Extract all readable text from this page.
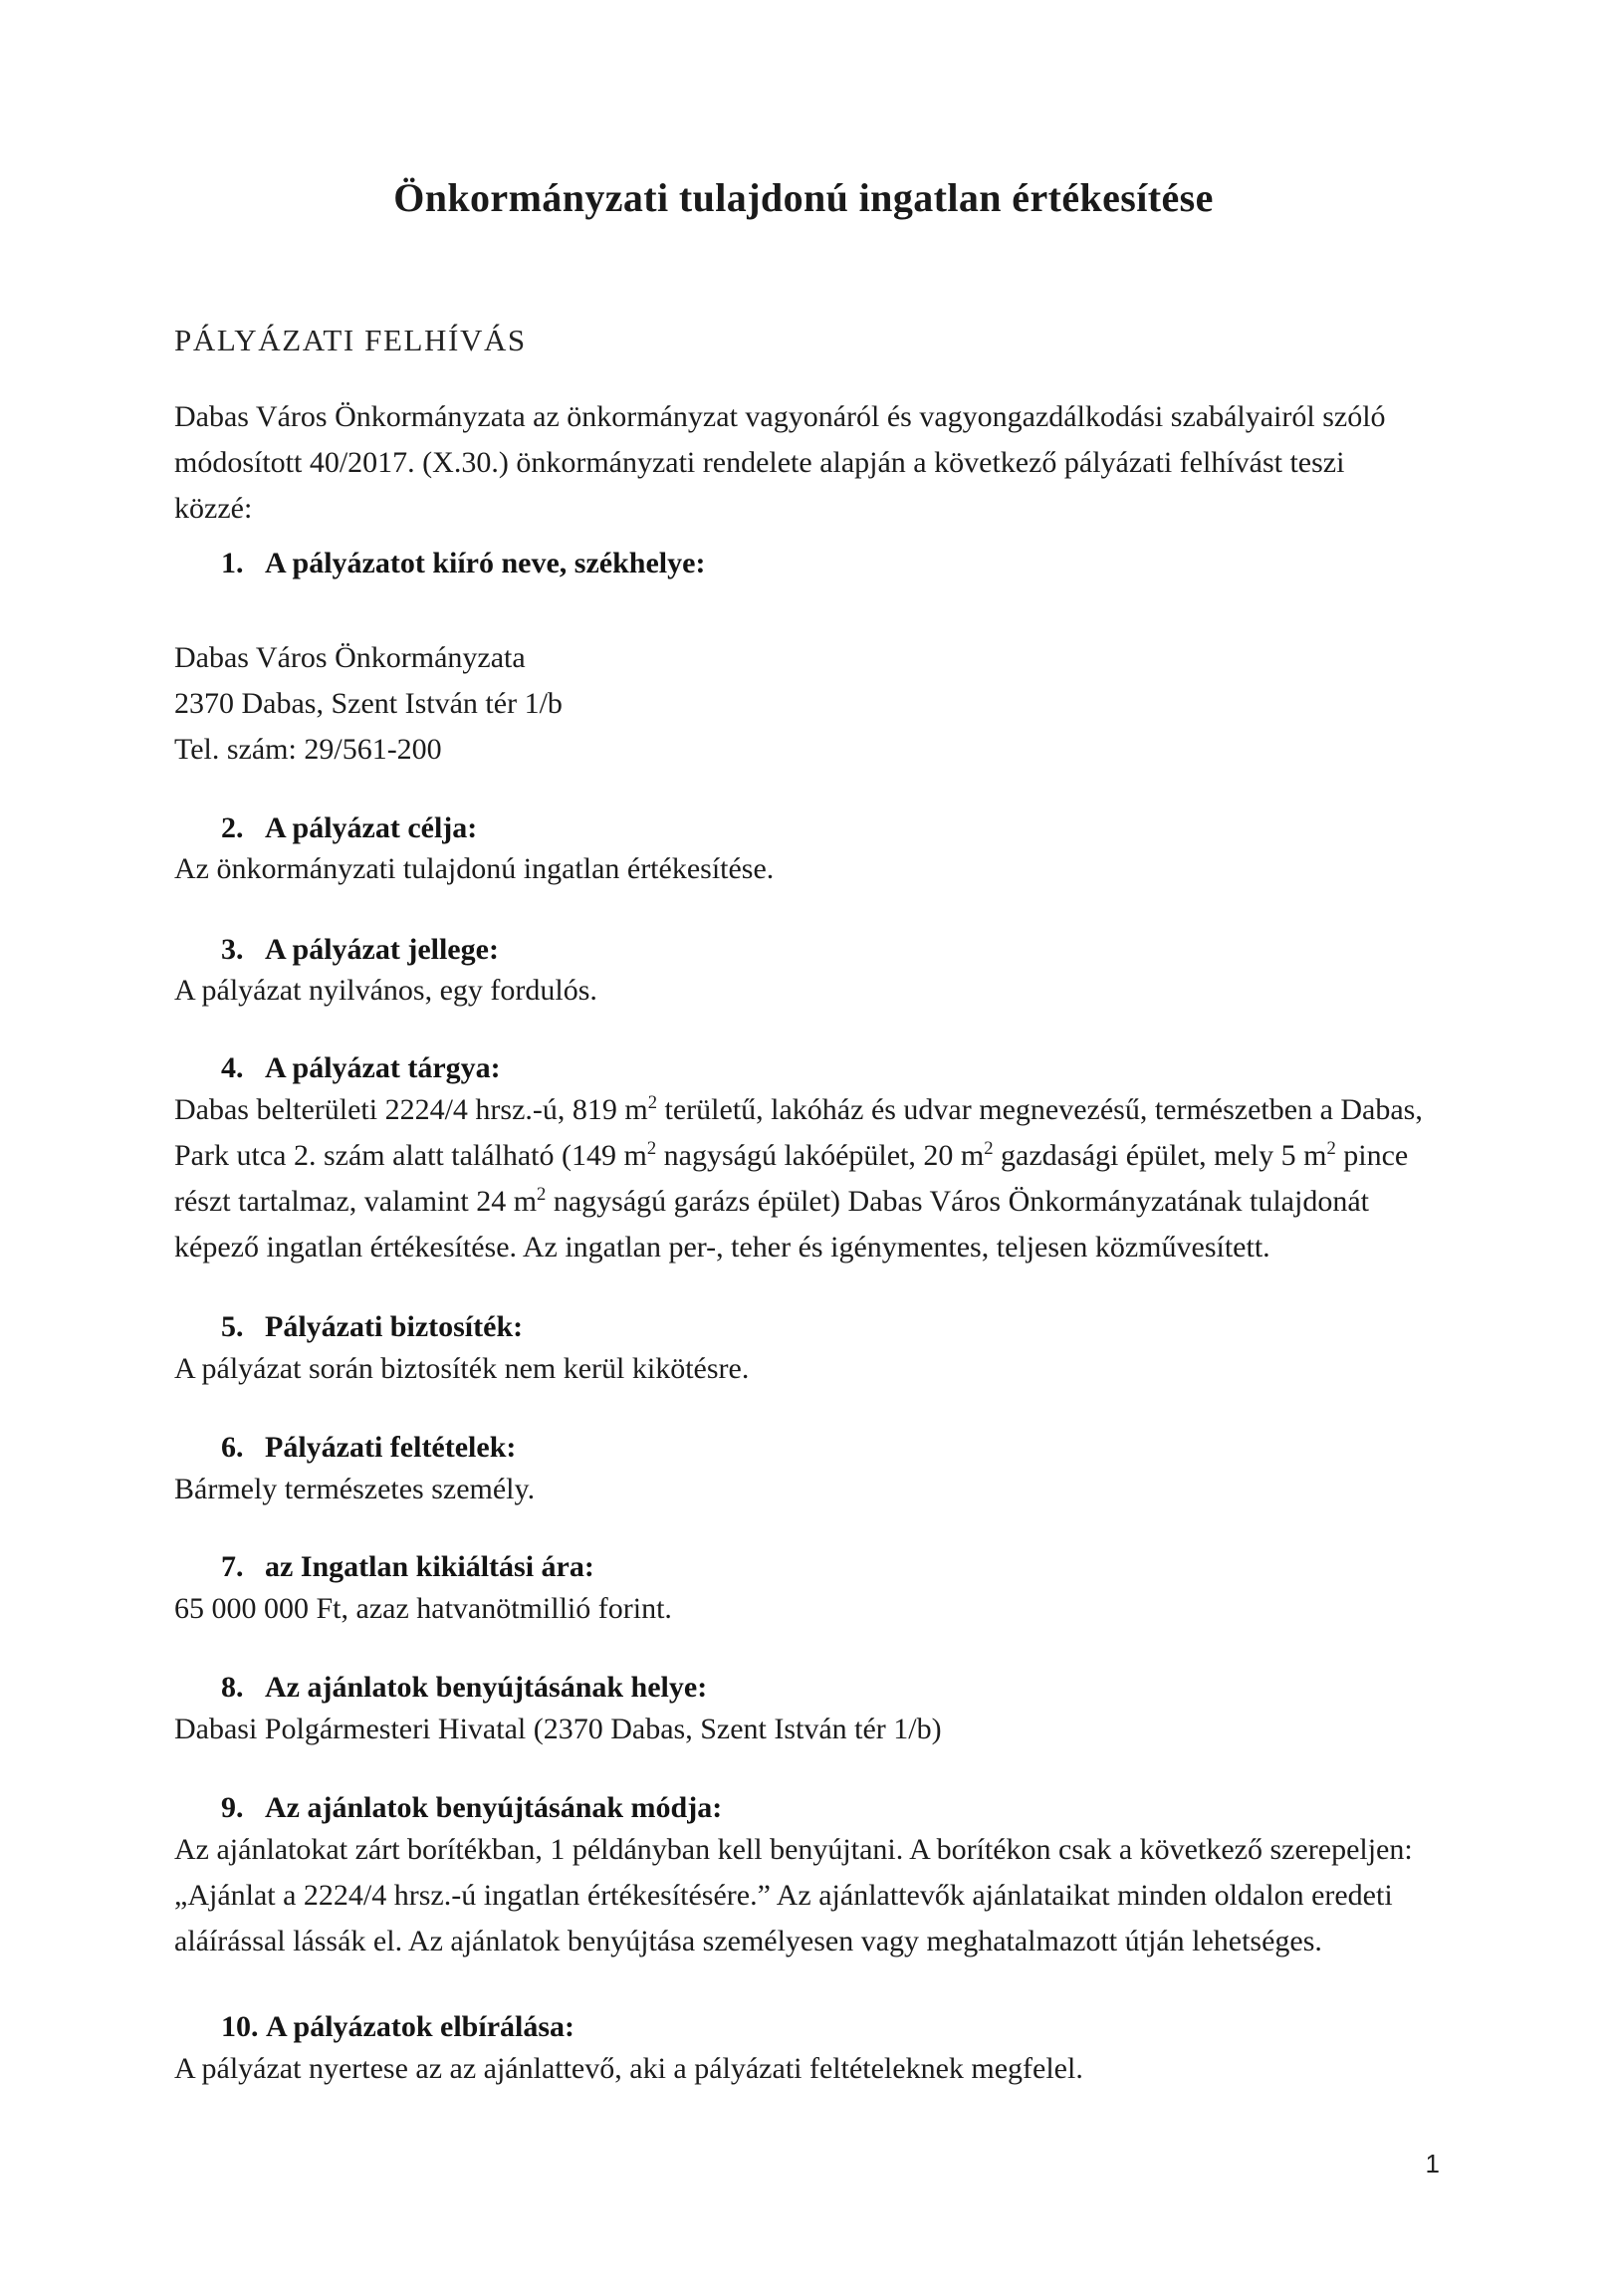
Önkormányzati tulajdonú ingatlan értékesítése
PÁLYÁZATI FELHÍVÁS
Dabas Város Önkormányzata az önkormányzat vagyonáról és vagyongazdálkodási szabályairól szóló módosított 40/2017. (X.30.) önkormányzati rendelete alapján a következő pályázati felhívást teszi közzé:
1. A pályázatot kiíró neve, székhelye:
Dabas Város Önkormányzata
2370 Dabas, Szent István tér 1/b
Tel. szám: 29/561-200
2. A pályázat célja:
Az önkormányzati tulajdonú ingatlan értékesítése.
3. A pályázat jellege:
A pályázat nyilvános, egy fordulós.
4. A pályázat tárgya:
Dabas belterületi 2224/4 hrsz.-ú, 819 $m^2$ területű, lakóház és udvar megnevezésű, természetben a Dabas, Park utca 2. szám alatt található (149 $m^2$ nagyságú lakóépület, 20 $m^2$ gazdasági épület, mely 5 $m^2$ pince részt tartalmaz, valamint 24 $m^2$ nagyságú garázs épület) Dabas Város Önkormányzatának tulajdonát képező ingatlan értékesítése. Az ingatlan per-, teher és igénymentes, teljesen közművesített.
5. Pályázati biztosíték:
A pályázat során biztosíték nem kerül kikötésre.
6. Pályázati feltételek:
Bármely természetes személy.
7. az Ingatlan kikiáltási ára:
65 000 000 Ft, azaz hatvanötmillió forint.
8. Az ajánlatok benyújtásának helye:
Dabasi Polgármesteri Hivatal (2370 Dabas, Szent István tér 1/b)
9. Az ajánlatok benyújtásának módja:
Az ajánlatokat zárt borítékban, 1 példányban kell benyújtani. A borítékon csak a következő szerepeljen: „Ajánlat a 2224/4 hrsz.-ú ingatlan értékesítésére.” Az ajánlattevők ajánlataikat minden oldalon eredeti aláírással lássák el. Az ajánlatok benyújtása személyesen vagy meghatalmazott útján lehetséges.
10. A pályázatok elbírálása:
A pályázat nyertese az az ajánlattevő, aki a pályázati feltételeknek megfelel.
1
